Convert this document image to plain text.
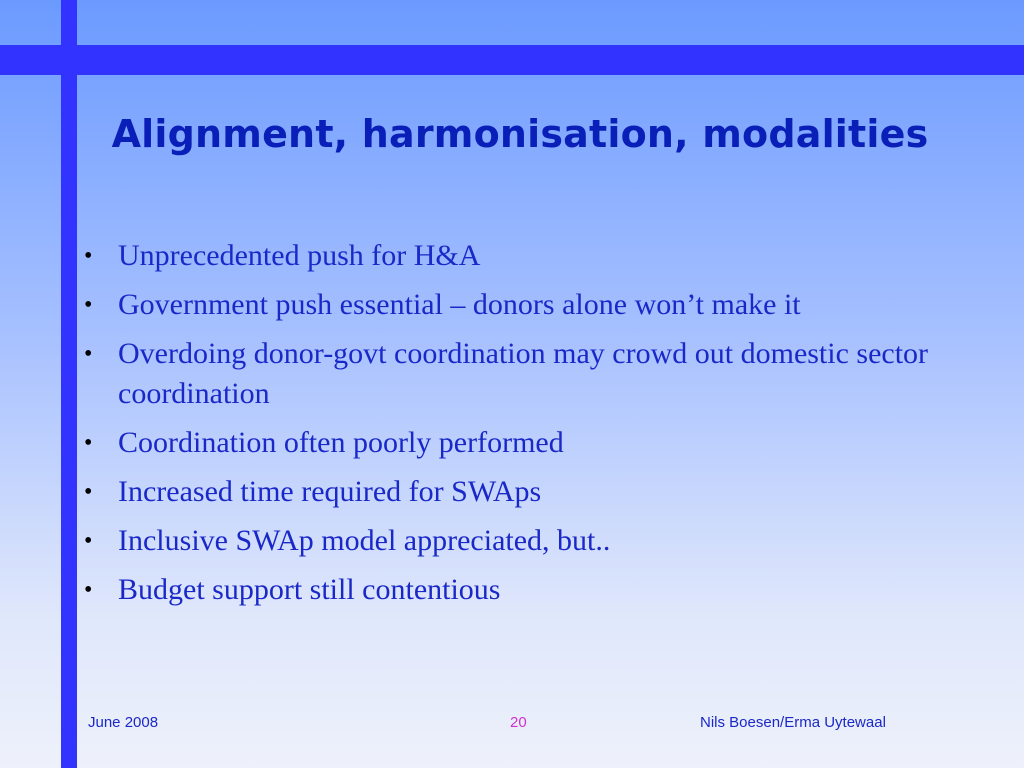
Alignment, harmonisation, modalities
• Unprecedented push for H&A
• Government push essential – donors alone won’t make it
• Overdoing donor-govt coordination may crowd out domestic sector coordination
• Coordination often poorly performed
• Increased time required for SWAps
• Inclusive SWAp model appreciated, but..
• Budget support still contentious
June 2008	20	Nils Boesen/Erma Uytewaal
